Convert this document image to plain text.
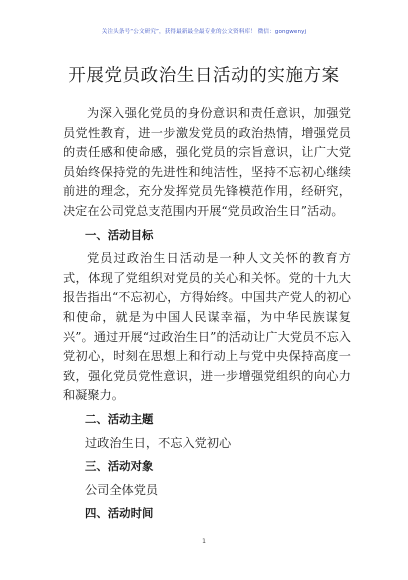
关注头条号“公文研究”，获得最新最全最专业的公文资料库！ 微信：gongwenyj
开展党员政治生日活动的实施方案

为深入强化党员的身份意识和责任意识，加强党员党性教育，进一步激发党员的政治热情，增强党员的责任感和使命感，强化党员的宗旨意识，让广大党员始终保持党的先进性和纯洁性，坚持不忘初心继续前进的理念，充分发挥党员先锋模范作用，经研究，决定在公司党总支范围内开展“党员政治生日”活动。

一、活动目标

党员过政治生日活动是一种人文关怀的教育方式，体现了党组织对党员的关心和关怀。党的十九大报告指出“不忘初心，方得始终。中国共产党人的初心和使命，就是为中国人民谋幸福，为中华民族谋复兴”。通过开展“过政治生日”的活动让广大党员不忘入党初心，时刻在思想上和行动上与党中央保持高度一致，强化党员党性意识，进一步增强党组织的向心力和凝聚力。

二、活动主题

过政治生日，不忘入党初心

三、活动对象

公司全体党员

四、活动时间
1
